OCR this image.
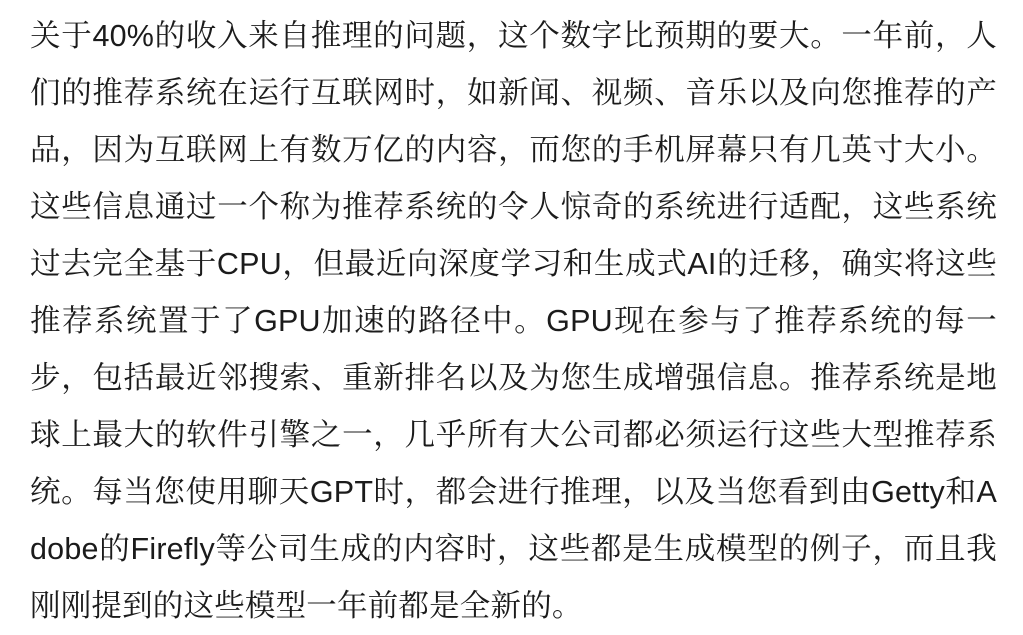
关于40%的收入来自推理的问题，这个数字比预期的要大。一年前，人们的推荐系统在运行互联网时，如新闻、视频、音乐以及向您推荐的产品，因为互联网上有数万亿的内容，而您的手机屏幕只有几英寸大小。这些信息通过一个称为推荐系统的令人惊奇的系统进行适配，这些系统过去完全基于CPU，但最近向深度学习和生成式AI的迁移，确实将这些推荐系统置于了GPU加速的路径中。GPU现在参与了推荐系统的每一步，包括最近邻搜索、重新排名以及为您生成增强信息。推荐系统是地球上最大的软件引擎之一，几乎所有大公司都必须运行这些大型推荐系统。每当您使用聊天GPT时，都会进行推理，以及当您看到由Getty和Adobe的Firefly等公司生成的内容时，这些都是生成模型的例子，而且我刚刚提到的这些模型一年前都是全新的。
